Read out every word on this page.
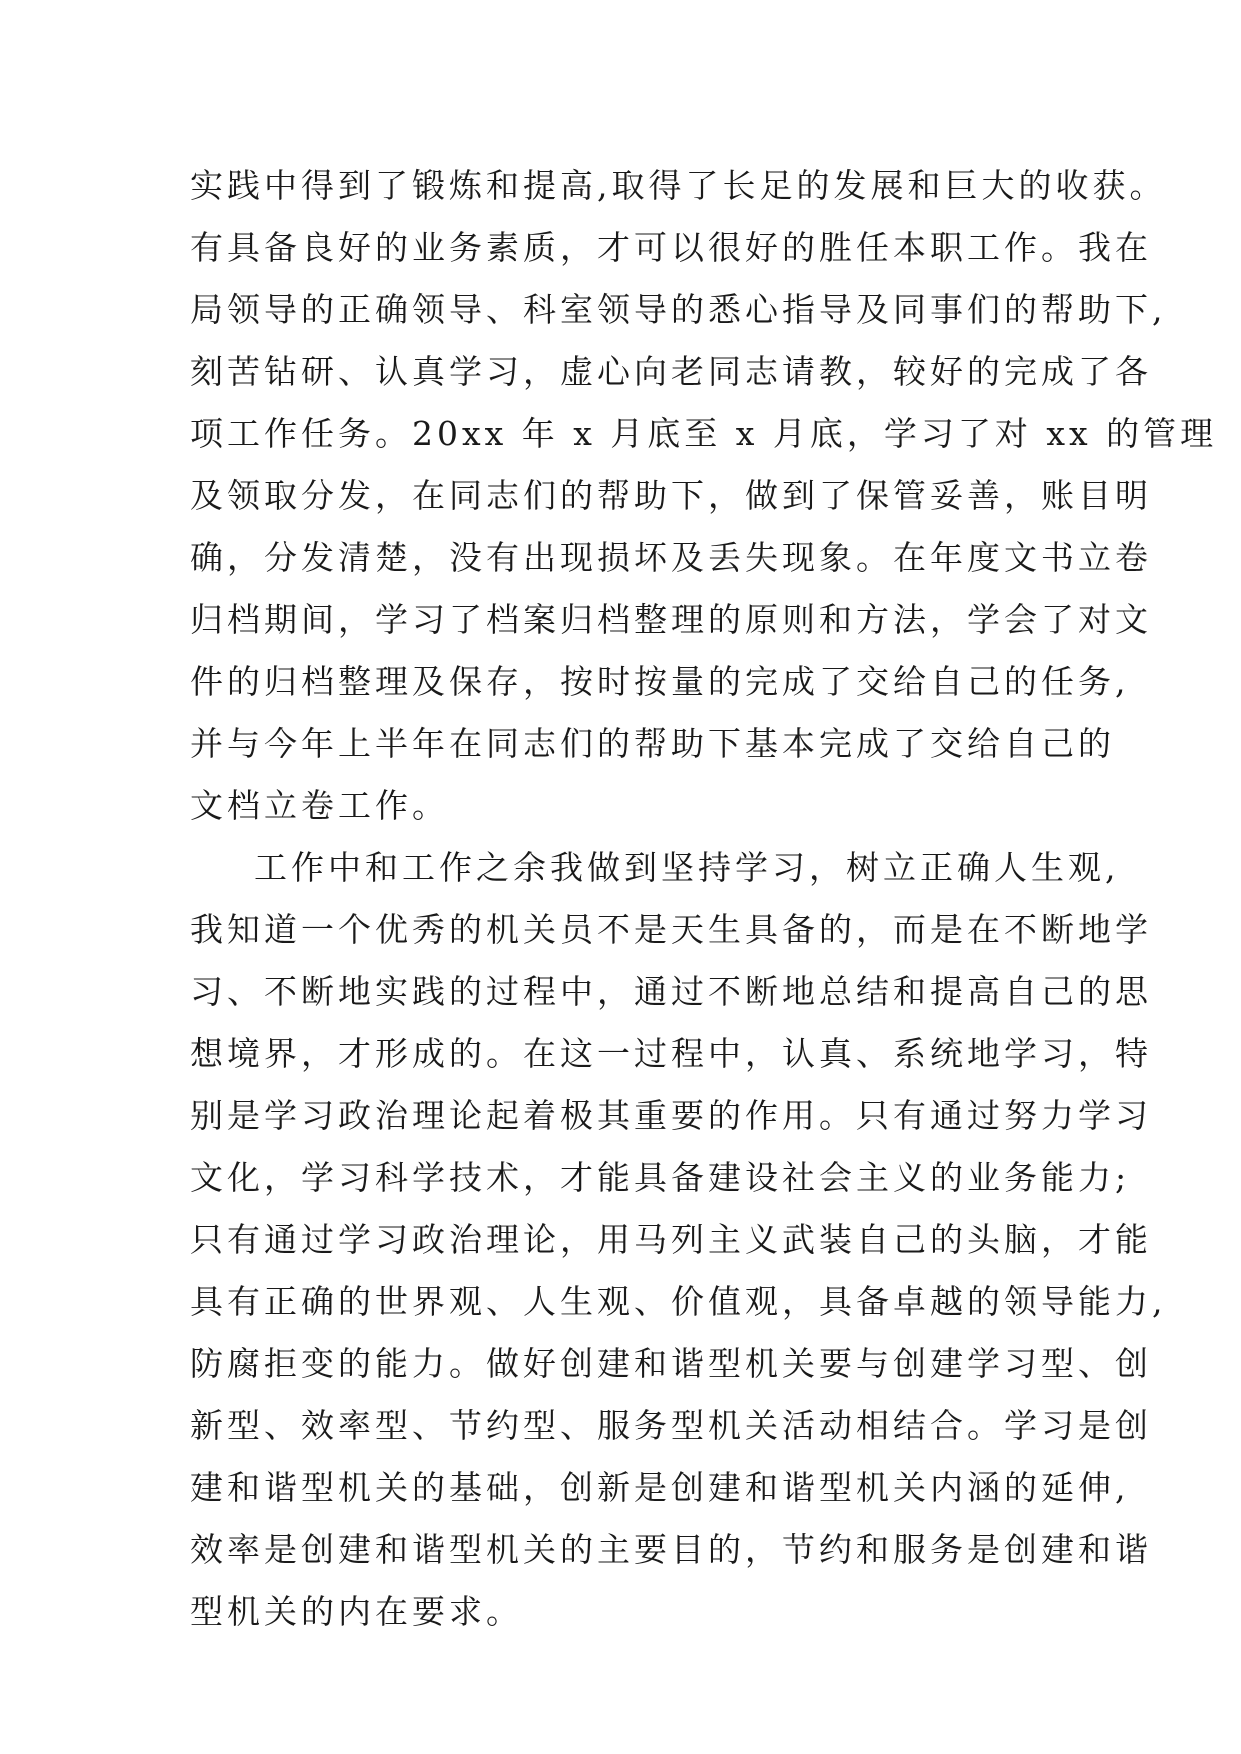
实践中得到了锻炼和提高,取得了长足的发展和巨大的收获。
有具备良好的业务素质，才可以很好的胜任本职工作。我在
局领导的正确领导、科室领导的悉心指导及同事们的帮助下,
刻苦钻研、认真学习，虚心向老同志请教，较好的完成了各
项工作任务。20xx 年 x 月底至 x 月底，学习了对 xx 的管理
及领取分发，在同志们的帮助下，做到了保管妥善，账目明
确，分发清楚，没有出现损坏及丢失现象。在年度文书立卷
归档期间，学习了档案归档整理的原则和方法，学会了对文
件的归档整理及保存，按时按量的完成了交给自己的任务,
并与今年上半年在同志们的帮助下基本完成了交给自己的
文档立卷工作。
工作中和工作之余我做到坚持学习，树立正确人生观,
我知道一个优秀的机关员不是天生具备的，而是在不断地学
习、不断地实践的过程中，通过不断地总结和提高自己的思
想境界，才形成的。在这一过程中，认真、系统地学习，特
别是学习政治理论起着极其重要的作用。只有通过努力学习
文化，学习科学技术，才能具备建设社会主义的业务能力;
只有通过学习政治理论，用马列主义武装自己的头脑，才能
具有正确的世界观、人生观、价值观，具备卓越的领导能力,
防腐拒变的能力。做好创建和谐型机关要与创建学习型、创
新型、效率型、节约型、服务型机关活动相结合。学习是创
建和谐型机关的基础，创新是创建和谐型机关内涵的延伸,
效率是创建和谐型机关的主要目的，节约和服务是创建和谐
型机关的内在要求。
